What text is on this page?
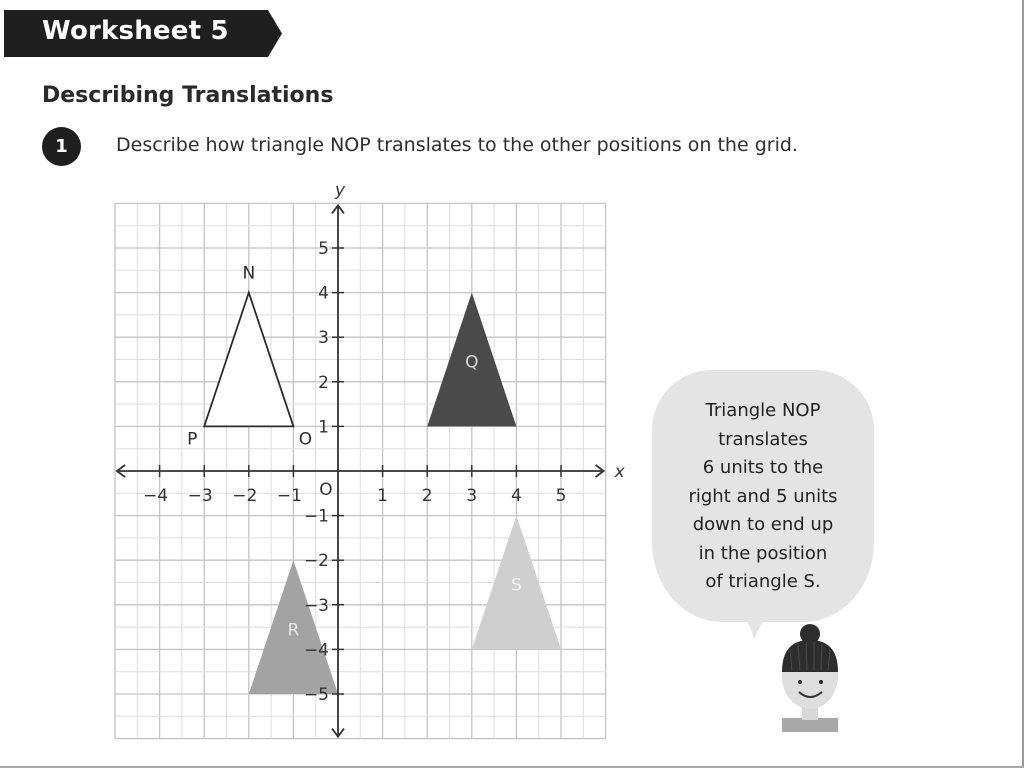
Worksheet 5
Describing Translations
1	Describe how triangle NOP translates to the other positions on the grid.
N
O
P
Q
R
S
−4 −3 −2 −1	1 2 3 4 5
5
4
3
2
1
−1
−2
−3
−4
−5
O
x
y
Triangle NOP
translates
6 units to the
right and 5 units
down to end up
in the position
of triangle S.
